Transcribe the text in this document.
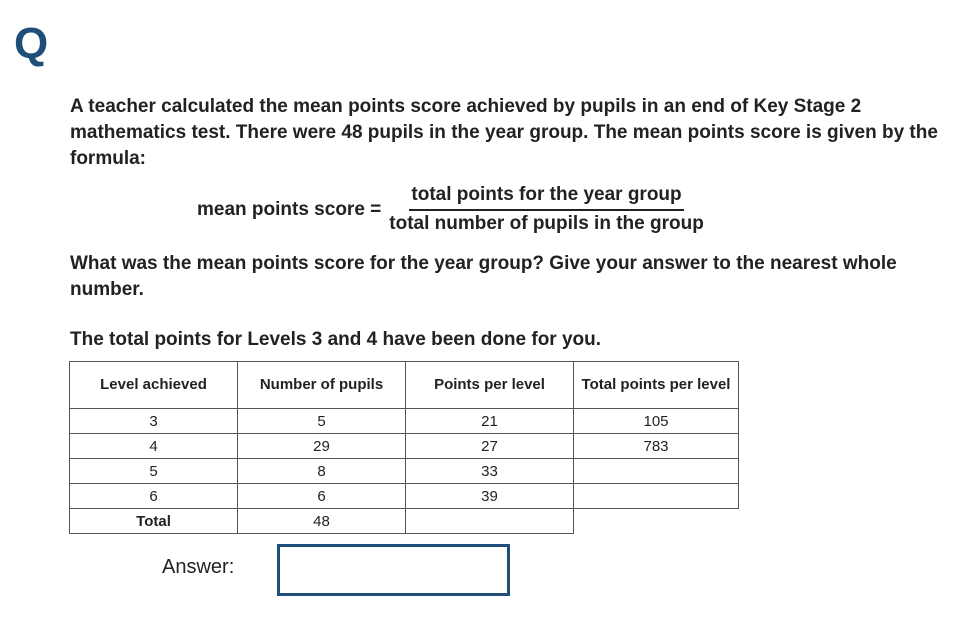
Q

A teacher calculated the mean points score achieved by pupils in an end of Key Stage 2 mathematics test. There were 48 pupils in the year group. The mean points score is given by the formula:

mean points score = $\frac{\text{total points for the year group}}{\text{total number of pupils in the group}}$

What was the mean points score for the year group? Give your answer to the nearest whole number.

The total points for Levels 3 and 4 have been done for you.

Level achieved	Number of pupils	Points per level	Total points per level
3	5	21	105
4	29	27	783
5	8	33	
6	6	39	
Total	48		
Answer:
